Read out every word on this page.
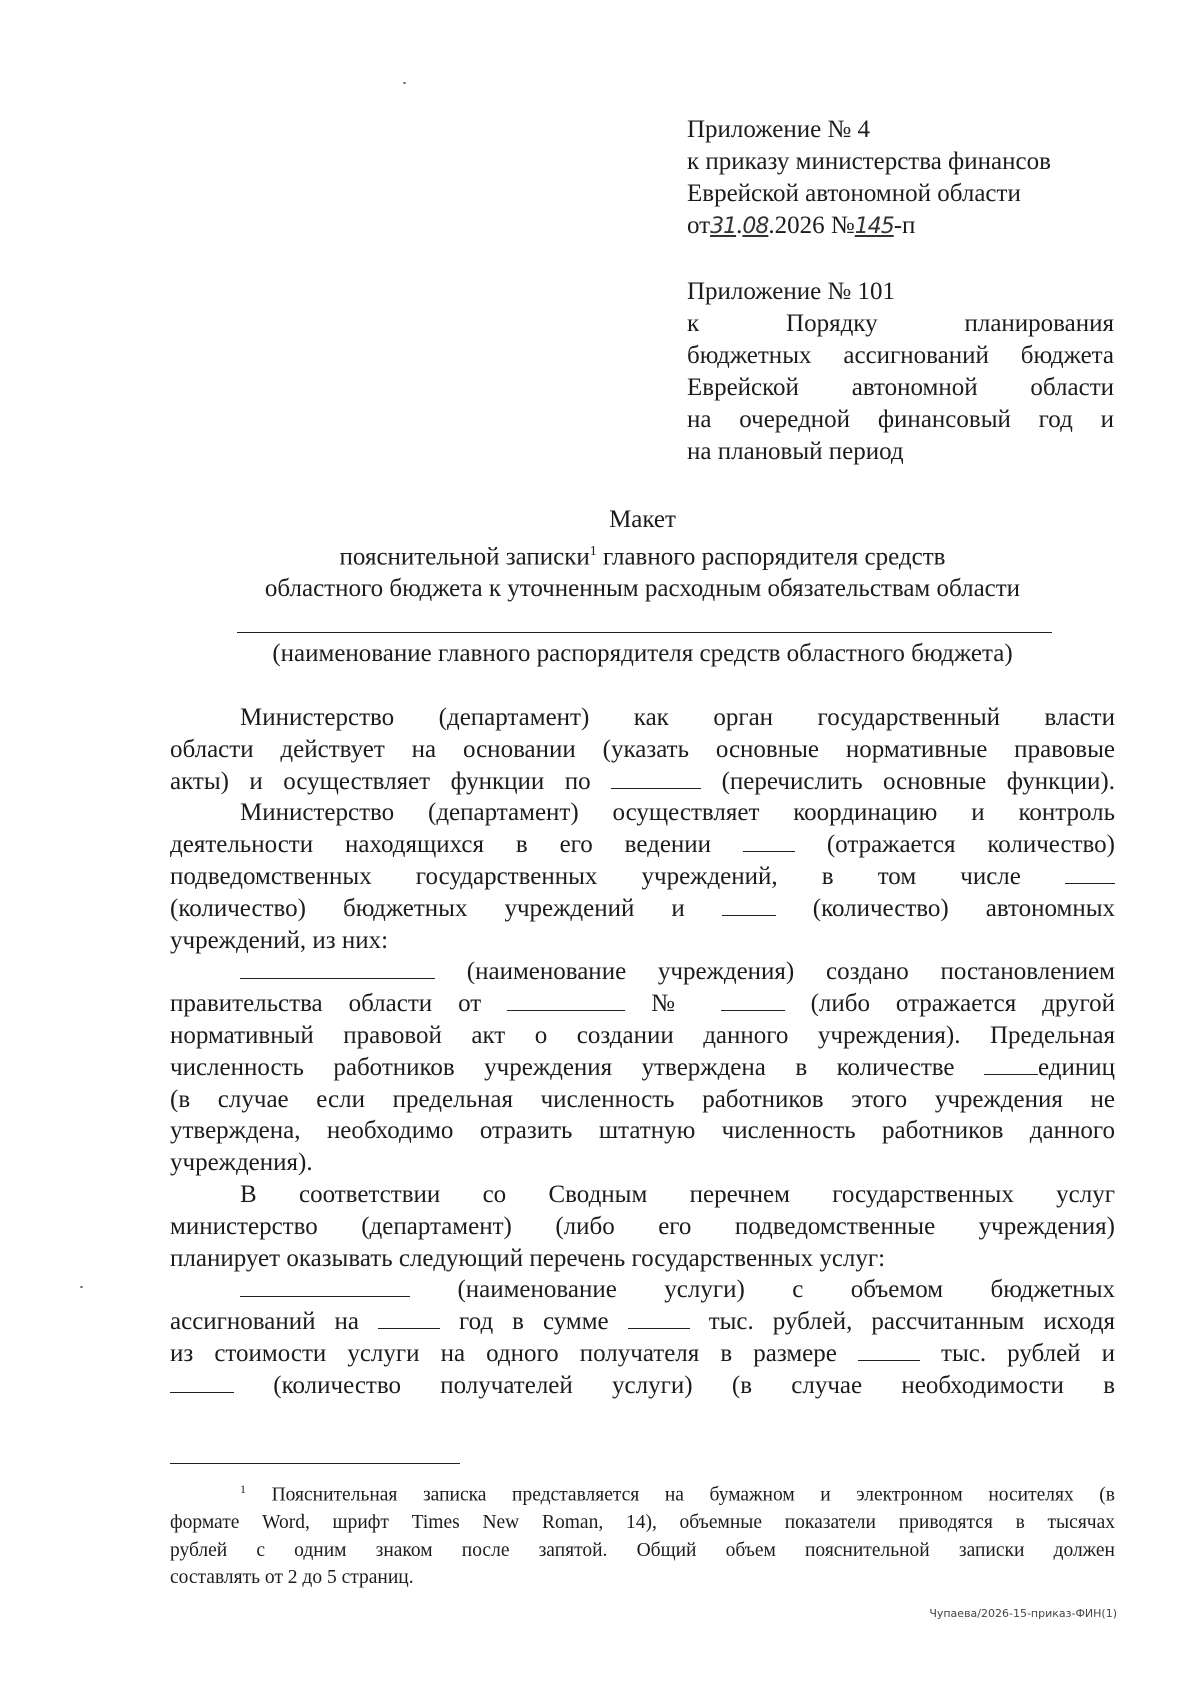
Приложение № 4
к приказу министерства финансов
Еврейской автономной области
от31.08.2026 №145-п
Приложение № 101
к Порядку планирования
бюджетных ассигнований бюджета
Еврейской автономной области
на очередной финансовый год и
на плановый период
Макет
пояснительной записки$^1$ главного распорядителя средств
областного бюджета к уточненным расходным обязательствам области
(наименование главного распорядителя средств областного бюджета)
Министерство (департамент) как орган государственный власти
области действует на основании (указать основные нормативные правовые
акты) и осуществляет функции по	(перечислить основные функции).
Министерство (департамент) осуществляет координацию и контроль
деятельности находящихся в его ведении	(отражается количество)
подведомственных государственных учреждений, в том числе
(количество) бюджетных учреждений и	(количество) автономных
учреждений, из них:
(наименование учреждения) создано постановлением
правительства области от	№	(либо отражается другой
нормативный правовой акт о создании данного учреждения). Предельная
численность работников учреждения утверждена в количестве	единиц
(в случае если предельная численность работников этого учреждения не
утверждена, необходимо отразить штатную численность работников данного
учреждения).
В соответствии со Сводным перечнем государственных услуг
министерство (департамент) (либо его подведомственные учреждения)
планирует оказывать следующий перечень государственных услуг:
(наименование услуги) с объемом бюджетных
ассигнований на	год в сумме	тыс. рублей, рассчитанным исходя
из стоимости услуги на одного получателя в размере	тыс. рублей и
(количество получателей услуги) (в случае необходимости в
$^1$ Пояснительная записка представляется на бумажном и электронном носителях (в
формате Word, шрифт Times New Roman, 14), объемные показатели приводятся в тысячах
рублей с одним знаком после запятой. Общий объем пояснительной записки должен
составлять от 2 до 5 страниц.
Чупаева/2026-15-приказ-ФИН(1)
